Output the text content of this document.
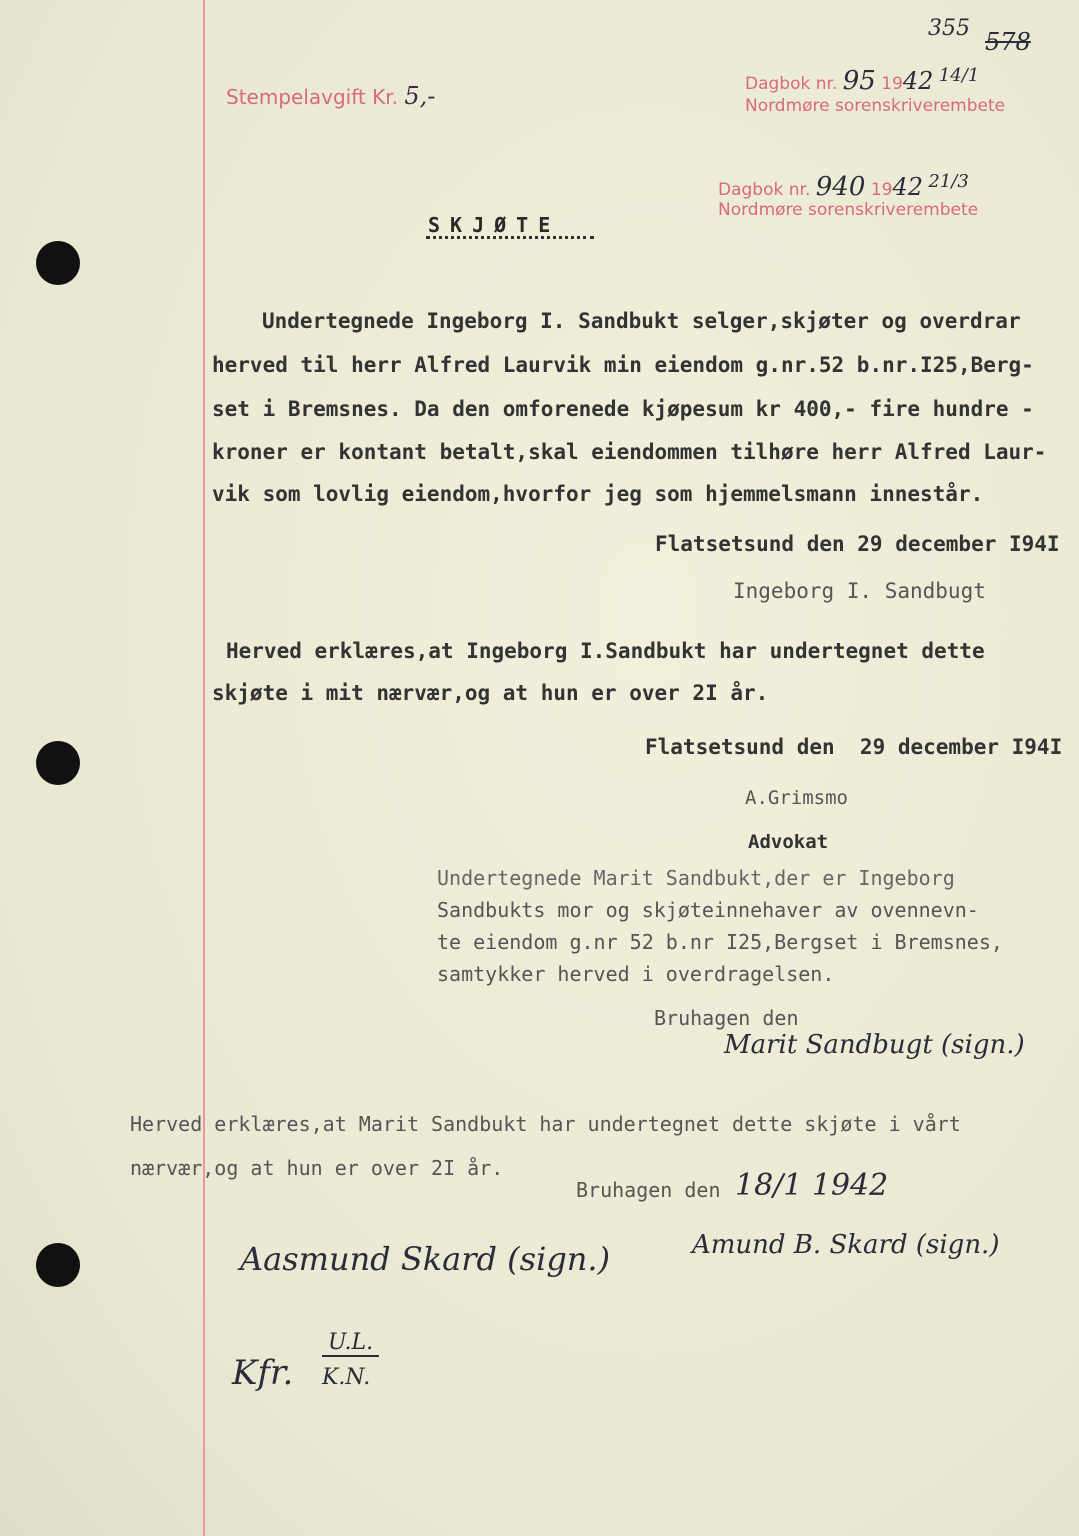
Stempelavgift Kr. 5,-
355 578
Dagbok nr. 95 1942 14/1
Nordmøre sorenskriverembete
Dagbok nr. 940 1942 21/3
Nordmøre sorenskriverembete
SKJØTE
Undertegnede Ingeborg I. Sandbukt selger,skjøter og overdrar
herved til herr Alfred Laurvik min eiendom g.nr.52 b.nr.I25,Berg-
set i Bremsnes. Da den omforenede kjøpesum kr 400,- fire hundre -
kroner er kontant betalt,skal eiendommen tilhøre herr Alfred Laur-
vik som lovlig eiendom,hvorfor jeg som hjemmelsmann innestår.
Flatsetsund den 29 december I94I
Ingeborg I. Sandbugt
Herved erklæres,at Ingeborg I.Sandbukt har undertegnet dette
skjøte i mit nærvær,og at hun er over 2I år.
Flatsetsund den  29 december I94I
A.Grimsmo
Advokat
Undertegnede Marit Sandbukt,der er Ingeborg
Sandbukts mor og skjøteinnehaver av ovennevn-
te eiendom g.nr 52 b.nr I25,Bergset i Bremsnes,
samtykker herved i overdragelsen.
Bruhagen den
Marit Sandbugt (sign.)
Herved erklæres,at Marit Sandbukt har undertegnet dette skjøte i vårt
nærvær,og at hun er over 2I år.
Bruhagen den 18/1 1942
Aasmund Skard (sign.)	Amund B. Skard (sign.)
Kfr.
U.L.
K.N.
